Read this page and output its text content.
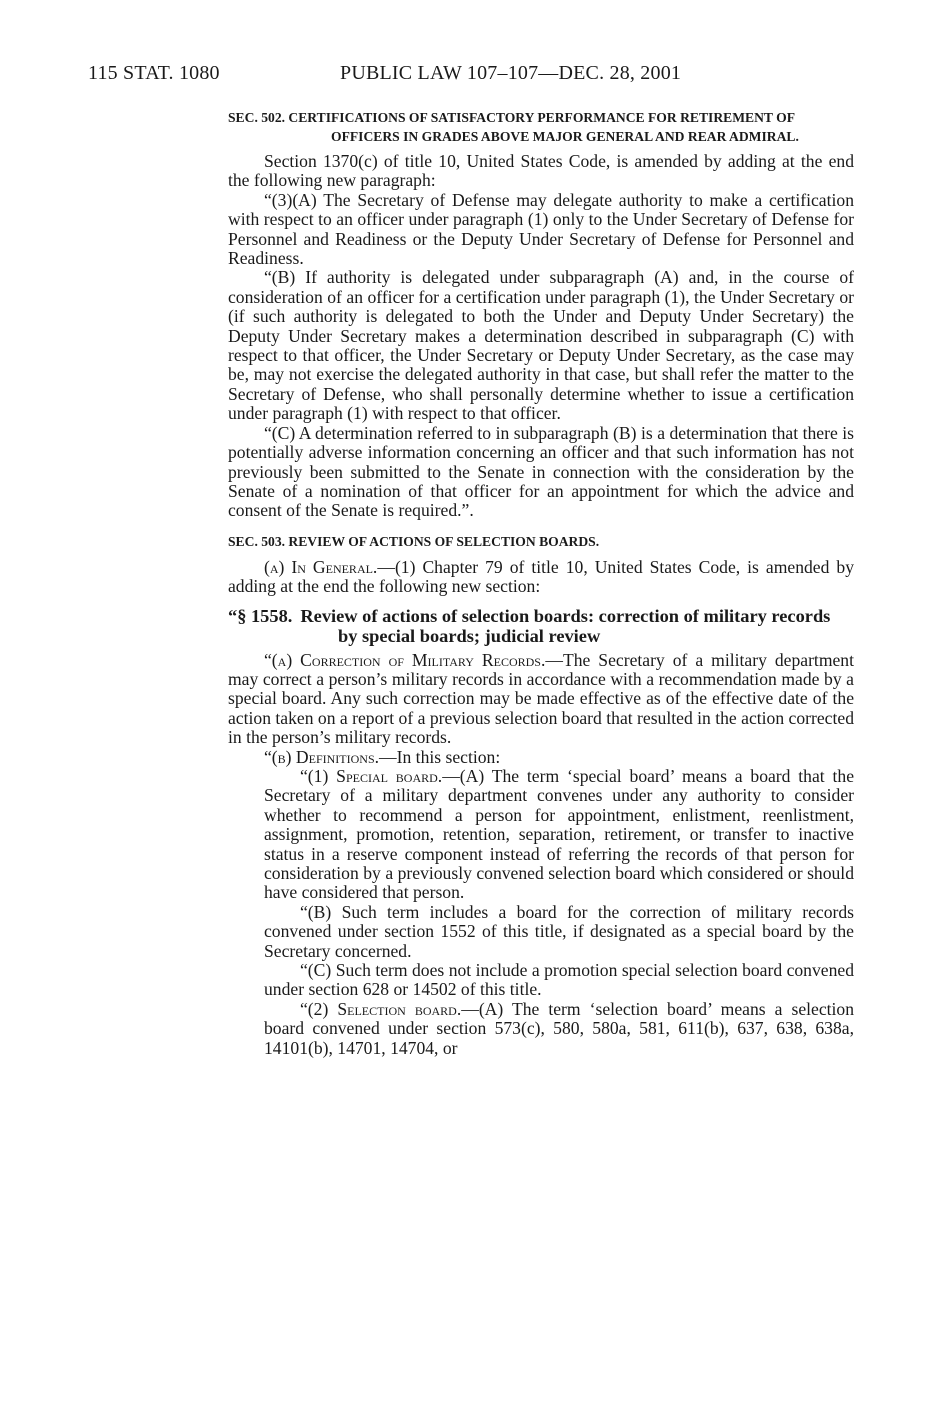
115 STAT. 1080	PUBLIC LAW 107–107—DEC. 28, 2001
SEC. 502. CERTIFICATIONS OF SATISFACTORY PERFORMANCE FOR RETIREMENT OF OFFICERS IN GRADES ABOVE MAJOR GENERAL AND REAR ADMIRAL.

Section 1370(c) of title 10, United States Code, is amended by adding at the end the following new paragraph:

“(3)(A) The Secretary of Defense may delegate authority to make a certification with respect to an officer under paragraph (1) only to the Under Secretary of Defense for Personnel and Readiness or the Deputy Under Secretary of Defense for Personnel and Readiness.

“(B) If authority is delegated under subparagraph (A) and, in the course of consideration of an officer for a certification under paragraph (1), the Under Secretary or (if such authority is delegated to both the Under and Deputy Under Secretary) the Deputy Under Secretary makes a determination described in subparagraph (C) with respect to that officer, the Under Secretary or Deputy Under Secretary, as the case may be, may not exercise the delegated authority in that case, but shall refer the matter to the Secretary of Defense, who shall personally determine whether to issue a certification under paragraph (1) with respect to that officer.

“(C) A determination referred to in subparagraph (B) is a determination that there is potentially adverse information concerning an officer and that such information has not previously been submitted to the Senate in connection with the consideration by the Senate of a nomination of that officer for an appointment for which the advice and consent of the Senate is required.”.

SEC. 503. REVIEW OF ACTIONS OF SELECTION BOARDS.

(a) In General.—(1) Chapter 79 of title 10, United States Code, is amended by adding at the end the following new section:

“§ 1558. Review of actions of selection boards: correction of military records by special boards; judicial review

“(a) Correction of Military Records.—The Secretary of a military department may correct a person’s military records in accordance with a recommendation made by a special board. Any such correction may be made effective as of the effective date of the action taken on a report of a previous selection board that resulted in the action corrected in the person’s military records.

“(b) Definitions.—In this section:

“(1) Special board.—(A) The term ‘special board’ means a board that the Secretary of a military department convenes under any authority to consider whether to recommend a person for appointment, enlistment, reenlistment, assignment, promotion, retention, separation, retirement, or transfer to inactive status in a reserve component instead of referring the records of that person for consideration by a previously convened selection board which considered or should have considered that person.

“(B) Such term includes a board for the correction of military records convened under section 1552 of this title, if designated as a special board by the Secretary concerned.

“(C) Such term does not include a promotion special selection board convened under section 628 or 14502 of this title.

“(2) Selection board.—(A) The term ‘selection board’ means a selection board convened under section 573(c), 580, 580a, 581, 611(b), 637, 638, 638a, 14101(b), 14701, 14704, or
